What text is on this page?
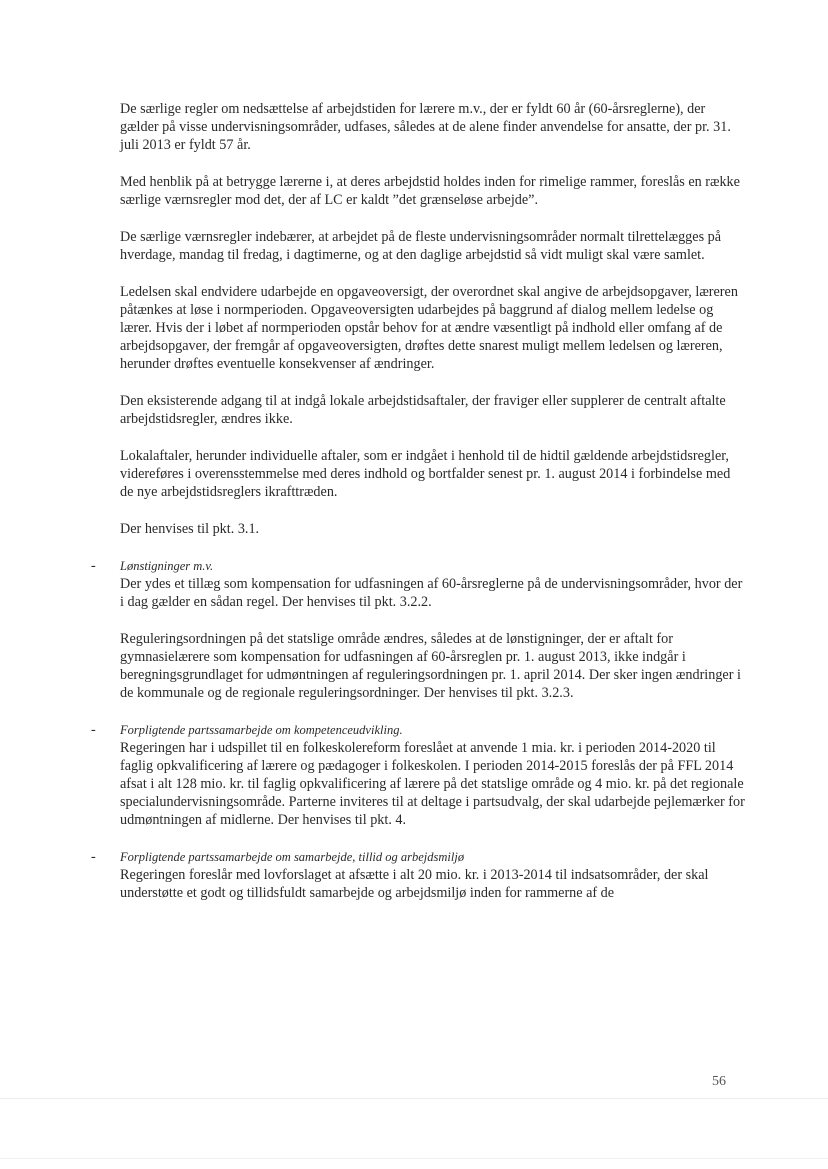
De særlige regler om nedsættelse af arbejdstiden for lærere m.v., der er fyldt 60 år (60-årsreglerne), der gælder på visse undervisningsområder, udfases, således at de alene finder anvendelse for ansatte, der pr. 31. juli 2013 er fyldt 57 år.

Med henblik på at betrygge lærerne i, at deres arbejdstid holdes inden for rimelige rammer, foreslås en række særlige værnsregler mod det, der af LC er kaldt ”det grænseløse arbejde”.

De særlige værnsregler indebærer, at arbejdet på de fleste undervisningsområder normalt tilrettelægges på hverdage, mandag til fredag, i dagtimerne, og at den daglige arbejdstid så vidt muligt skal være samlet.

Ledelsen skal endvidere udarbejde en opgaveoversigt, der overordnet skal angive de arbejdsopgaver, læreren påtænkes at løse i normperioden. Opgaveoversigten udarbejdes på baggrund af dialog mellem ledelse og lærer. Hvis der i løbet af normperioden opstår behov for at ændre væsentligt på indhold eller omfang af de arbejdsopgaver, der fremgår af opgaveoversigten, drøftes dette snarest muligt mellem ledelsen og læreren, herunder drøftes eventuelle konsekvenser af ændringer.

Den eksisterende adgang til at indgå lokale arbejdstidsaftaler, der fraviger eller supplerer de centralt aftalte arbejdstidsregler, ændres ikke.

Lokalaftaler, herunder individuelle aftaler, som er indgået i henhold til de hidtil gældende arbejdstidsregler, videreføres i overensstemmelse med deres indhold og bortfalder senest pr. 1. august 2014 i forbindelse med de nye arbejdstidsreglers ikrafttræden.

Der henvises til pkt. 3.1.

- Lønstigninger m.v.
Der ydes et tillæg som kompensation for udfasningen af 60-årsreglerne på de undervisningsområder, hvor der i dag gælder en sådan regel. Der henvises til pkt. 3.2.2.
Reguleringsordningen på det statslige område ændres, således at de lønstigninger, der er aftalt for gymnasielærere som kompensation for udfasningen af 60-årsreglen pr. 1. august 2013, ikke indgår i beregningsgrundlaget for udmøntningen af reguleringsordningen pr. 1. april 2014. Der sker ingen ændringer i de kommunale og de regionale reguleringsordninger. Der henvises til pkt. 3.2.3.
- Forpligtende partssamarbejde om kompetenceudvikling.
Regeringen har i udspillet til en folkeskolereform foreslået at anvende 1 mia. kr. i perioden 2014-2020 til faglig opkvalificering af lærere og pædagoger i folkeskolen. I perioden 2014-2015 foreslås der på FFL 2014 afsat i alt 128 mio. kr. til faglig opkvalificering af lærere på det statslige område og 4 mio. kr. på det regionale specialundervisningsområde. Parterne inviteres til at deltage i partsudvalg, der skal udarbejde pejlemærker for udmøntningen af midlerne. Der henvises til pkt. 4.
- Forpligtende partssamarbejde om samarbejde, tillid og arbejdsmiljø
Regeringen foreslår med lovforslaget at afsætte i alt 20 mio. kr. i 2013-2014 til indsatsområder, der skal understøtte et godt og tillidsfuldt samarbejde og arbejdsmiljø inden for rammerne af de
56
